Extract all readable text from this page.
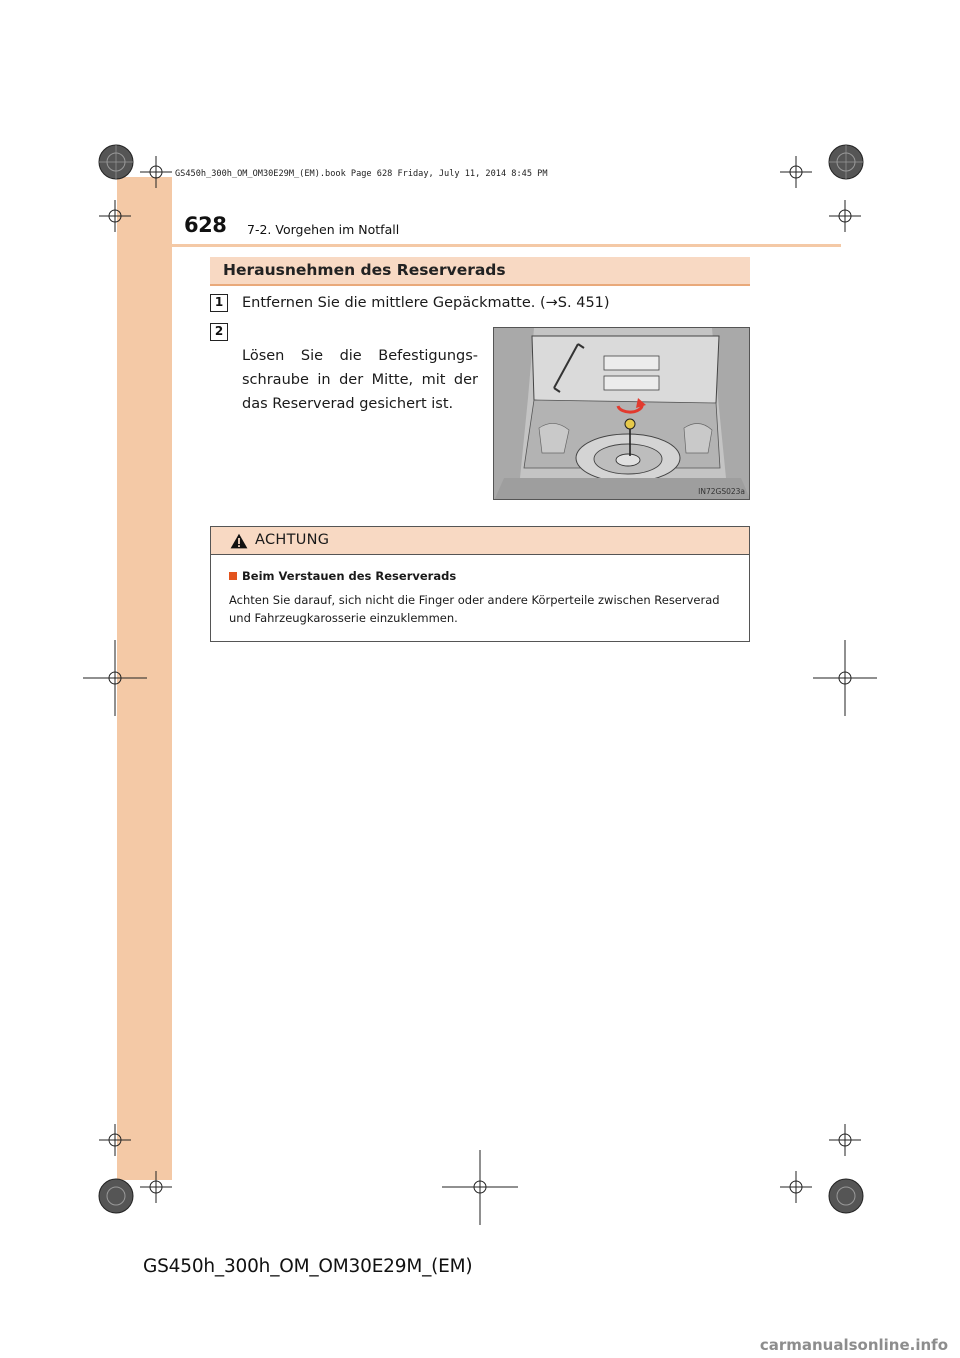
GS450h_300h_OM_OM30E29M_(EM).book Page 628 Friday, July 11, 2014 8:45 PM
628 7-2. Vorgehen im Notfall
Herausnehmen des Reserverads
1	Entfernen Sie die mittlere Gepäckmatte. (→S. 451)
2
Lösen Sie die Befestigungs-schraube in der Mitte, mit der das Reserverad gesichert ist.
IN72GS023a
ACHTUNG
Beim Verstauen des Reserverads
Achten Sie darauf, sich nicht die Finger oder andere Körperteile zwischen Reserverad und Fahrzeugkarosserie einzuklemmen.
GS450h_300h_OM_OM30E29M_(EM)
carmanualsonline.info
